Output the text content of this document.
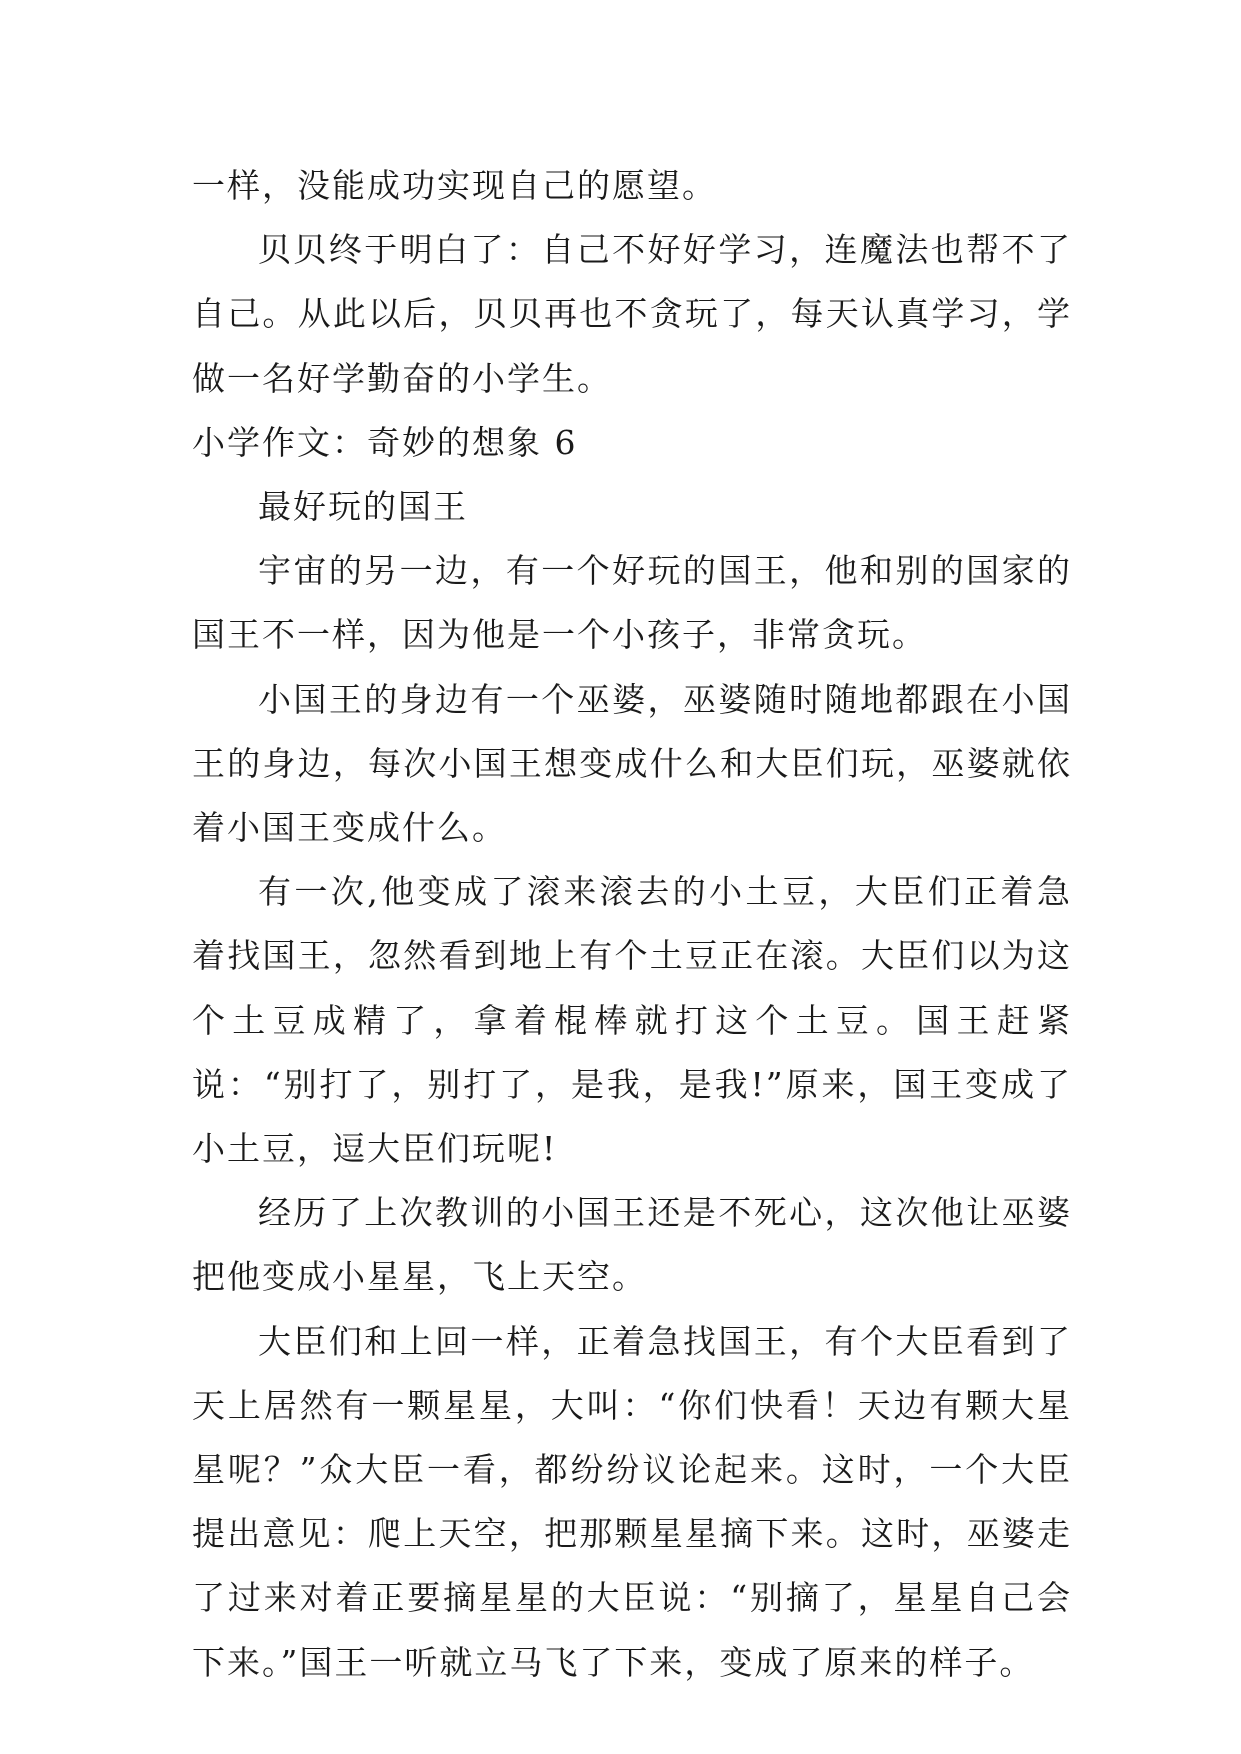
一样，没能成功实现自己的愿望。

贝贝终于明白了：自己不好好学习，连魔法也帮不了自己。从此以后，贝贝再也不贪玩了，每天认真学习，学做一名好学勤奋的小学生。

小学作文：奇妙的想象 6

最好玩的国王

宇宙的另一边，有一个好玩的国王，他和别的国家的国王不一样，因为他是一个小孩子，非常贪玩。

小国王的身边有一个巫婆，巫婆随时随地都跟在小国王的身边，每次小国王想变成什么和大臣们玩，巫婆就依着小国王变成什么。

有一次,他变成了滚来滚去的小土豆，大臣们正着急着找国王，忽然看到地上有个土豆正在滚。大臣们以为这个土豆成精了，拿着棍棒就打这个土豆。国王赶紧说：“别打了，别打了，是我，是我!”原来，国王变成了小土豆，逗大臣们玩呢!

经历了上次教训的小国王还是不死心，这次他让巫婆把他变成小星星，飞上天空。

大臣们和上回一样，正着急找国王，有个大臣看到了天上居然有一颗星星，大叫：“你们快看！天边有颗大星星呢？”众大臣一看，都纷纷议论起来。这时，一个大臣提出意见：爬上天空，把那颗星星摘下来。这时，巫婆走了过来对着正要摘星星的大臣说：“别摘了，星星自己会下来。”国王一听就立马飞了下来，变成了原来的样子。
